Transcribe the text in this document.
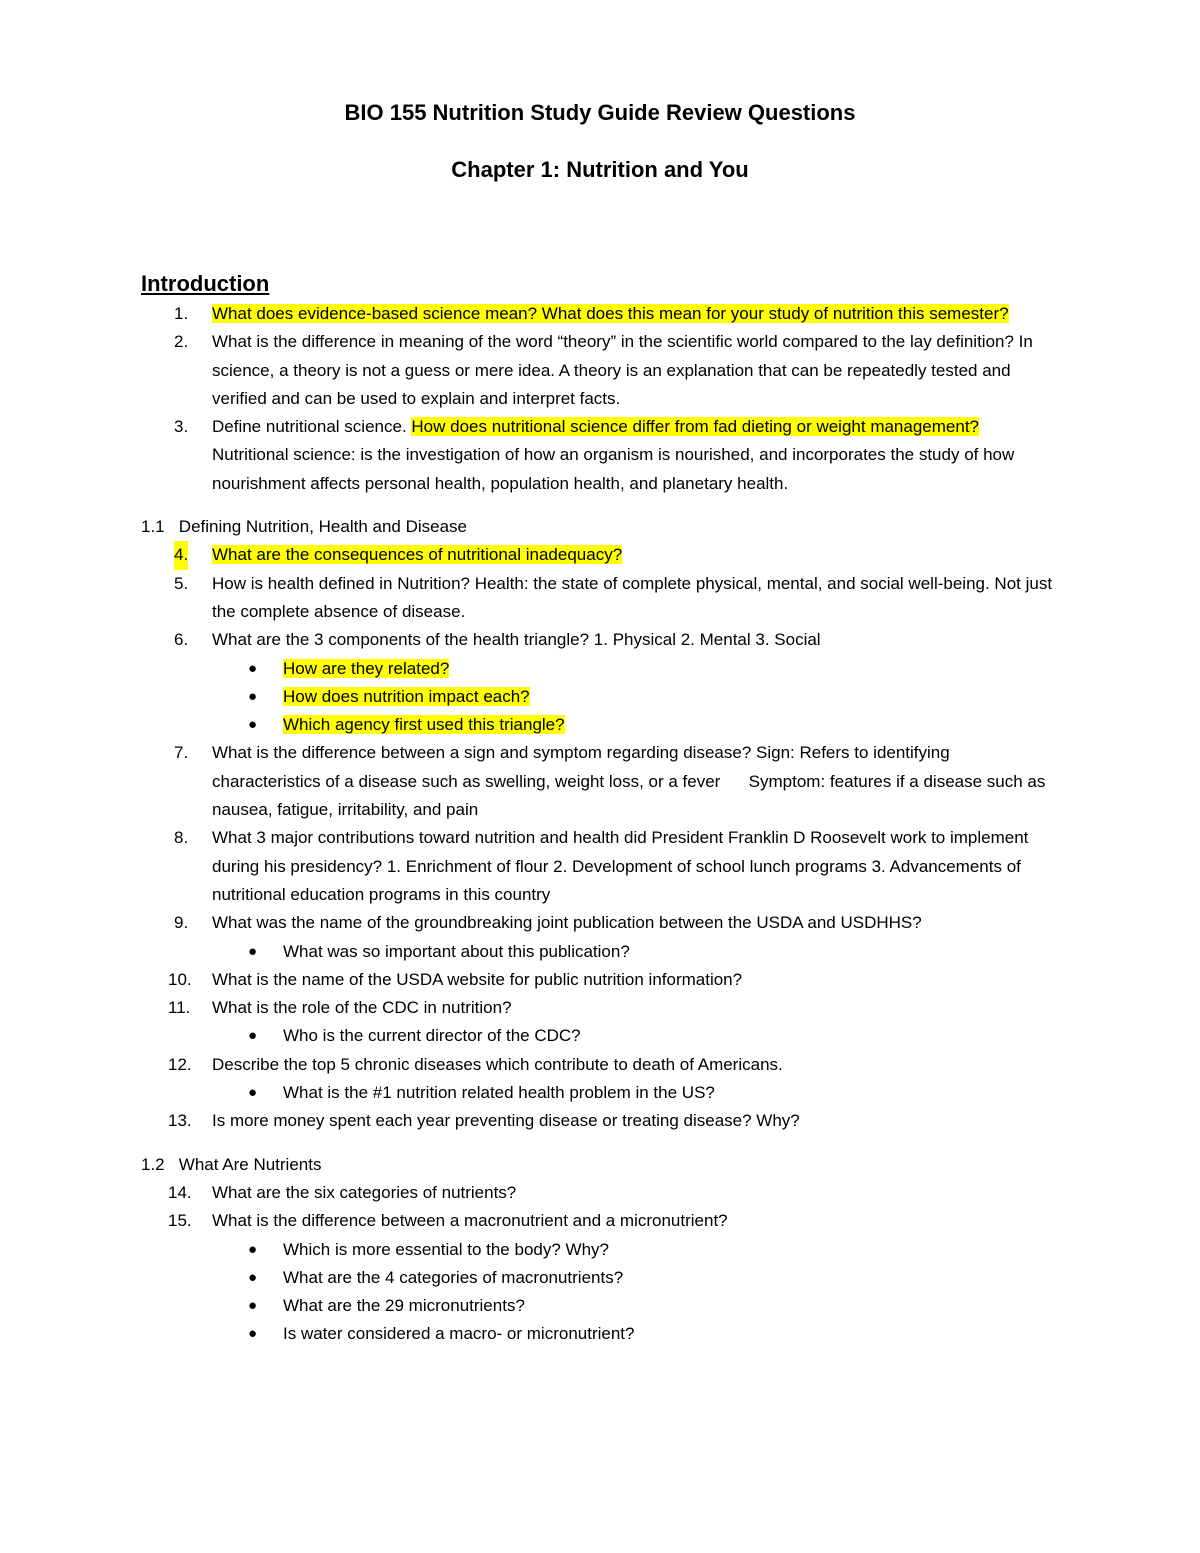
BIO 155 Nutrition Study Guide Review Questions
Chapter 1: Nutrition and You
Introduction
1. What does evidence-based science mean? What does this mean for your study of nutrition this semester?
2. What is the difference in meaning of the word “theory” in the scientific world compared to the lay definition? In science, a theory is not a guess or mere idea. A theory is an explanation that can be repeatedly tested and verified and can be used to explain and interpret facts.
3. Define nutritional science. How does nutritional science differ from fad dieting or weight management?    Nutritional science: is the investigation of how an organism is nourished, and incorporates the study of how nourishment affects personal health, population health, and planetary health.
1.1   Defining Nutrition, Health and Disease
4. What are the consequences of nutritional inadequacy?
5. How is health defined in Nutrition? Health: the state of complete physical, mental, and social well-being. Not just the complete absence of disease.
6. What are the 3 components of the health triangle? 1. Physical 2. Mental 3. Social
● How are they related?
● How does nutrition impact each?
● Which agency first used this triangle?
7. What is the difference between a sign and symptom regarding disease? Sign: Refers to identifying characteristics of a disease such as swelling, weight loss, or a fever      Symptom: features if a disease such as nausea, fatigue, irritability, and pain
8. What 3 major contributions toward nutrition and health did President Franklin D Roosevelt work to implement during his presidency? 1. Enrichment of flour 2. Development of school lunch programs 3. Advancements of nutritional education programs in this country
9. What was the name of the groundbreaking joint publication between the USDA and USDHHS?
● What was so important about this publication?
10. What is the name of the USDA website for public nutrition information?
11. What is the role of the CDC in nutrition?
● Who is the current director of the CDC?
12. Describe the top 5 chronic diseases which contribute to death of Americans.
● What is the #1 nutrition related health problem in the US?
13. Is more money spent each year preventing disease or treating disease? Why?
1.2   What Are Nutrients
14. What are the six categories of nutrients?
15. What is the difference between a macronutrient and a micronutrient?
● Which is more essential to the body? Why?
● What are the 4 categories of macronutrients?
● What are the 29 micronutrients?
● Is water considered a macro- or micronutrient?
